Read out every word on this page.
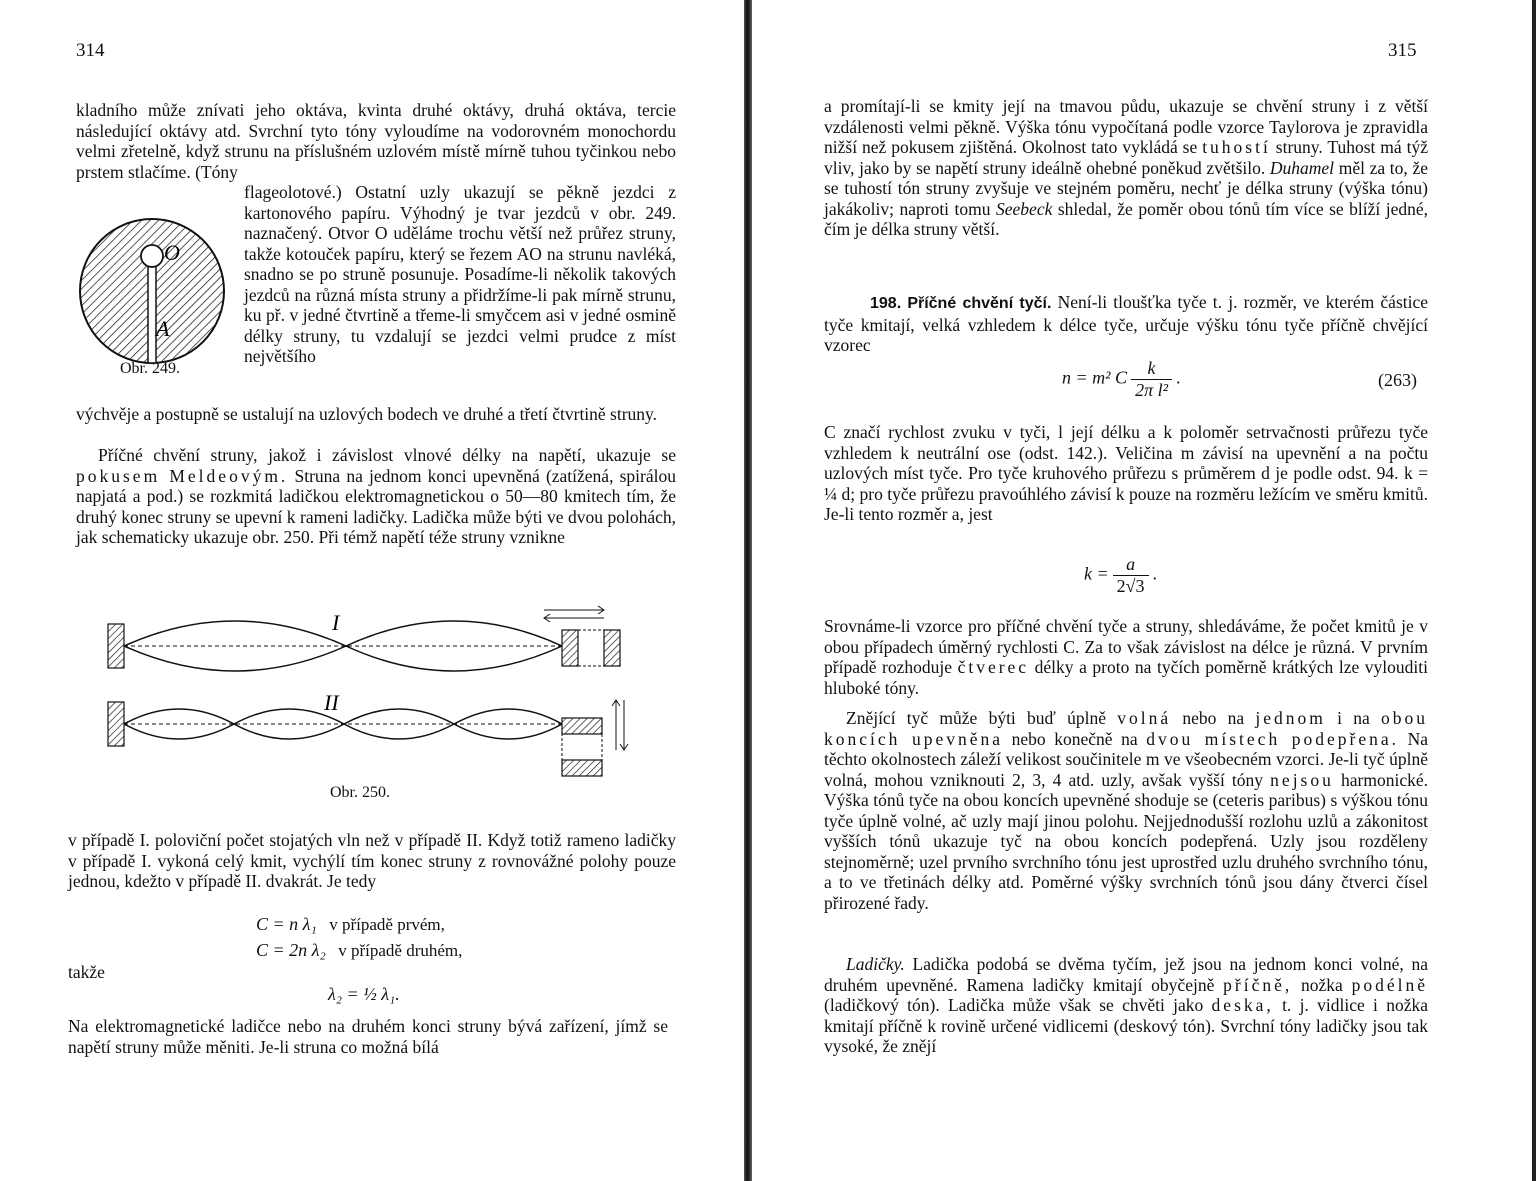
314

kladního může znívati jeho oktáva, kvinta druhé oktávy, druhá oktáva, tercie následující oktávy atd. Svrchní tyto tóny vyloudíme na vodorovném monochordu velmi zřetelně, když strunu na příslušném uzlovém místě mírně tuhou tyčinkou nebo prstem stlačíme. (Tóny

O
A
Obr. 249.

flageolotové.) Ostatní uzly ukazují se pěkně jezdci z kartonového papíru. Výhodný je tvar jezdců v obr. 249. naznačený. Otvor O uděláme trochu větší než průřez struny, takže kotouček papíru, který se řezem AO na strunu navléká, snadno se po struně posunuje. Posadíme-li několik takových jezdců na různá místa struny a přidržíme-li pak mírně strunu, ku př. v jedné čtvrtině a třeme-li smyčcem asi v jedné osmině délky struny, tu vzdalují se jezdci velmi prudce z míst největšího

výchvěje a postupně se ustalují na uzlových bodech ve druhé a třetí čtvrtině struny.

Příčné chvění struny, jakož i závislost vlnové délky na napětí, ukazuje se pokusem Meldeovým. Struna na jednom konci upevněná (zatížená, spirálou napjatá a pod.) se rozkmitá ladičkou elektromagnetickou o 50—80 kmitech tím, že druhý konec struny se upevní k rameni ladičky. Ladička může býti ve dvou polohách, jak schematicky ukazuje obr. 250. Při témž napětí téže struny vznikne

I
II
Obr. 250.

v případě I. poloviční počet stojatých vln než v případě II. Když totiž rameno ladičky v případě I. vykoná celý kmit, vychýlí tím konec struny z rovnovážné polohy pouze jednou, kdežto v případě II. dvakrát. Je tedy

C = n λ₁ v případě prvém,
C = 2n λ₂ v případě druhém,
takže
λ₂ = ½ λ₁.

Na elektromagnetické ladičce nebo na druhém konci struny bývá zařízení, jímž se napětí struny může měniti. Je-li struna co možná bílá

315

a promítají-li se kmity její na tmavou půdu, ukazuje se chvění struny i z větší vzdálenosti velmi pěkně. Výška tónu vypočítaná podle vzorce Taylorova je zpravidla nižší než pokusem zjištěná. Okolnost tato vykládá se tuhostí struny. Tuhost má týž vliv, jako by se napětí struny ideálně ohebné poněkud zvětšilo. Duhamel měl za to, že se tuhostí tón struny zvyšuje ve stejném poměru, nechť je délka struny (výška tónu) jakákoliv; naproti tomu Seebeck shledal, že poměr obou tónů tím více se blíží jedné, čím je délka struny větší.

198. Příčné chvění tyčí. Není-li tloušťka tyče t. j. rozměr, ve kterém částice tyče kmitají, velká vzhledem k délce tyče, určuje výšku tónu tyče příčně chvějící vzorec

n = m² C $\frac{k}{\text{2π l²}}$ .	(263)

C značí rychlost zvuku v tyči, l její délku a k poloměr setrvačnosti průřezu tyče vzhledem k neutrální ose (odst. 142.). Veličina m závisí na upevnění a na počtu uzlových míst tyče. Pro tyče kruhového průřezu s průměrem d je podle odst. 94. k = ¼ d; pro tyče průřezu pravoúhlého závisí k pouze na rozměru ležícím ve směru kmitů. Je-li tento rozměr a, jest

$k = \frac{a}{2√3}$ .

Srovnáme-li vzorce pro příčné chvění tyče a struny, shledáváme, že počet kmitů je v obou případech úměrný rychlosti C. Za to však závislost na délce je různá. V prvním případě rozhoduje čtverec délky a proto na tyčích poměrně krátkých lze vylouditi hluboké tóny.

Znějící tyč může býti buď úplně volná nebo na jednom i na obou koncích upevněna nebo konečně na dvou místech podepřena. Na těchto okolnostech záleží velikost součinitele m ve všeobecném vzorci. Je-li tyč úplně volná, mohou vzniknouti 2, 3, 4 atd. uzly, avšak vyšší tóny nejsou harmonické. Výška tónů tyče na obou koncích upevněné shoduje se (ceteris paribus) s výškou tónu tyče úplně volné, ač uzly mají jinou polohu. Nejjednodušší rozlohu uzlů a zákonitost vyšších tónů ukazuje tyč na obou koncích podepřená. Uzly jsou rozděleny stejnoměrně; uzel prvního svrchního tónu jest uprostřed uzlu druhého svrchního tónu, a to ve třetinách délky atd. Poměrné výšky svrchních tónů jsou dány čtverci čísel přirozené řady.

Ladičky. Ladička podobá se dvěma tyčím, jež jsou na jednom konci volné, na druhém upevněné. Ramena ladičky kmitají obyčejně příčně, nožka podélně (ladičkový tón). Ladička může však se chvěti jako deska, t. j. vidlice i nožka kmitají příčně k rovině určené vidlicemi (deskový tón). Svrchní tóny ladičky jsou tak vysoké, že znějí
